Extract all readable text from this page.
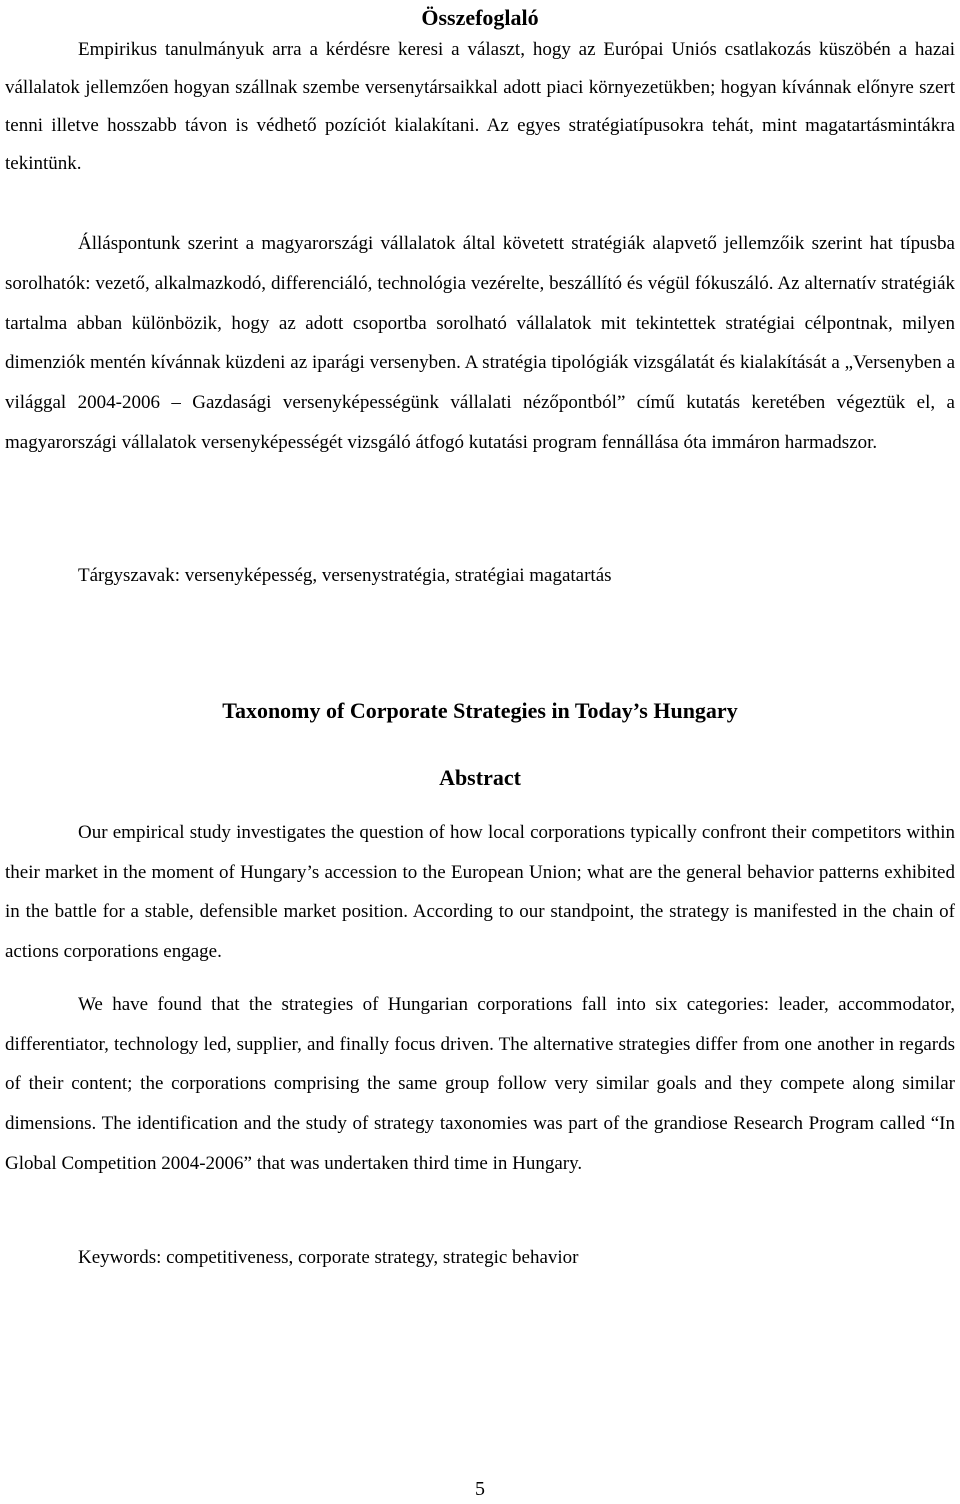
Összefoglaló

Empirikus tanulmányuk arra a kérdésre keresi a választ, hogy az Európai Uniós csatlakozás küszöbén a hazai vállalatok jellemzően hogyan szállnak szembe versenytársaikkal adott piaci környezetükben; hogyan kívánnak előnyre szert tenni illetve hosszabb távon is védhető pozíciót kialakítani. Az egyes stratégiatípusokra tehát, mint magatartásmintákra tekintünk.

Álláspontunk szerint a magyarországi vállalatok által követett stratégiák alapvető jellemzőik szerint hat típusba sorolhatók: vezető, alkalmazkodó, differenciáló, technológia vezérelte, beszállító és végül fókuszáló. Az alternatív stratégiák tartalma abban különbözik, hogy az adott csoportba sorolható vállalatok mit tekintettek stratégiai célpontnak, milyen dimenziók mentén kívánnak küzdeni az iparági versenyben. A stratégia tipológiák vizsgálatát és kialakítását a „Versenyben a világgal 2004-2006 – Gazdasági versenyképességünk vállalati nézőpontból” című kutatás keretében végeztük el, a magyarországi vállalatok versenyképességét vizsgáló átfogó kutatási program fennállása óta immáron harmadszor.

Tárgyszavak: versenyképesség, versenystratégia, stratégiai magatartás

Taxonomy of Corporate Strategies in Today’s Hungary
Abstract

Our empirical study investigates the question of how local corporations typically confront their competitors within their market in the moment of Hungary’s accession to the European Union; what are the general behavior patterns exhibited in the battle for a stable, defensible market position. According to our standpoint, the strategy is manifested in the chain of actions corporations engage.

We have found that the strategies of Hungarian corporations fall into six categories: leader, accommodator, differentiator, technology led, supplier, and finally focus driven. The alternative strategies differ from one another in regards of their content; the corporations comprising the same group follow very similar goals and they compete along similar dimensions. The identification and the study of strategy taxonomies was part of the grandiose Research Program called “In Global Competition 2004-2006” that was undertaken third time in Hungary.

Keywords: competitiveness, corporate strategy, strategic behavior

5
